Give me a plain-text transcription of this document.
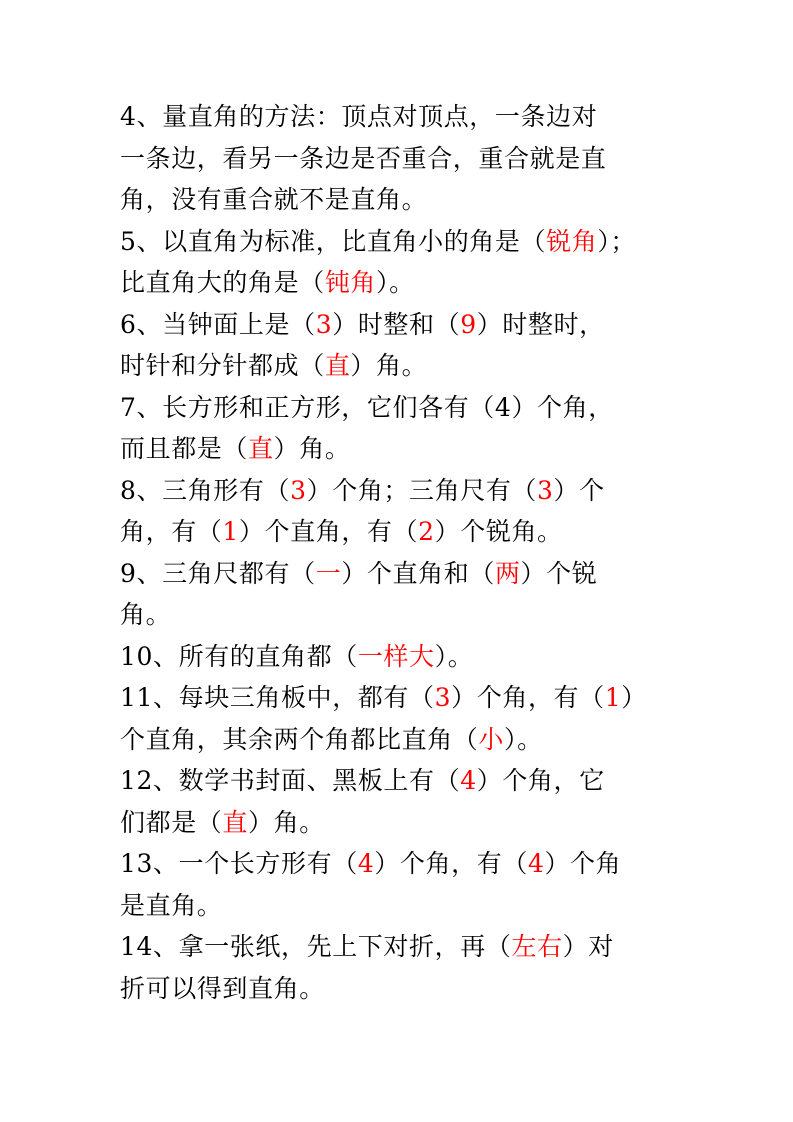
4、量直角的方法：顶点对顶点，一条边对
一条边，看另一条边是否重合，重合就是直
角，没有重合就不是直角。
5、以直角为标准，比直角小的角是（锐角）；
比直角大的角是（钝角）。
6、当钟面上是（3）时整和（9）时整时，
时针和分针都成（直）角。
7、长方形和正方形，它们各有（4）个角，
而且都是（直）角。
8、三角形有（3）个角；三角尺有（3）个
角，有（1）个直角，有（2）个锐角。
9、三角尺都有（一）个直角和（两）个锐
角。
10、所有的直角都（一样大）。
11、每块三角板中，都有（3）个角，有（1）
个直角，其余两个角都比直角（小）。
12、数学书封面、黑板上有（4）个角，它
们都是（直）角。
13、一个长方形有（4）个角，有（4）个角
是直角。
14、拿一张纸，先上下对折，再（左右）对
折可以得到直角。
